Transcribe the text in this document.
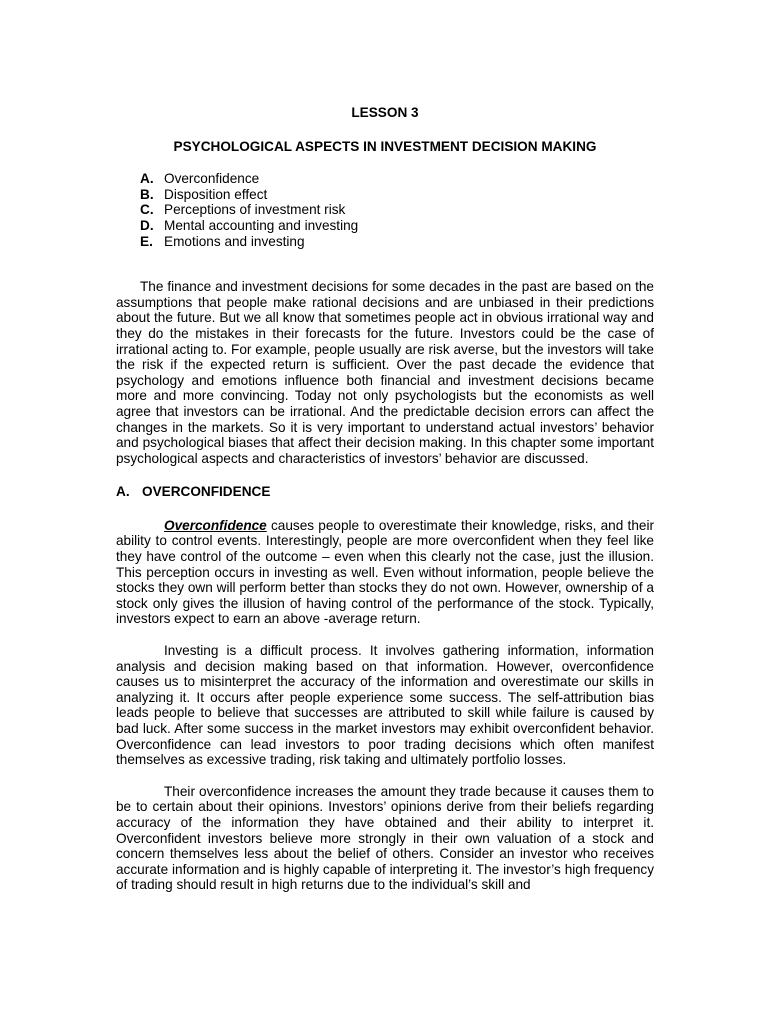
LESSON 3

PSYCHOLOGICAL ASPECTS IN INVESTMENT DECISION MAKING

A. Overconfidence
B. Disposition effect
C. Perceptions of investment risk
D. Mental accounting and investing
E. Emotions and investing

The finance and investment decisions for some decades in the past are based on the assumptions that people make rational decisions and are unbiased in their predictions about the future. But we all know that sometimes people act in obvious irrational way and they do the mistakes in their forecasts for the future. Investors could be the case of irrational acting to. For example, people usually are risk averse, but the investors will take the risk if the expected return is sufficient. Over the past decade the evidence that psychology and emotions influence both financial and investment decisions became more and more convincing. Today not only psychologists but the economists as well agree that investors can be irrational. And the predictable decision errors can affect the changes in the markets. So it is very important to understand actual investors’ behavior and psychological biases that affect their decision making. In this chapter some important psychological aspects and characteristics of investors’ behavior are discussed.

A. OVERCONFIDENCE

Overconfidence causes people to overestimate their knowledge, risks, and their ability to control events. Interestingly, people are more overconfident when they feel like they have control of the outcome – even when this clearly not the case, just the illusion. This perception occurs in investing as well. Even without information, people believe the stocks they own will perform better than stocks they do not own. However, ownership of a stock only gives the illusion of having control of the performance of the stock. Typically, investors expect to earn an above -average return.

Investing is a difficult process. It involves gathering information, information analysis and decision making based on that information. However, overconfidence causes us to misinterpret the accuracy of the information and overestimate our skills in analyzing it. It occurs after people experience some success. The self-attribution bias leads people to believe that successes are attributed to skill while failure is caused by bad luck. After some success in the market investors may exhibit overconfident behavior. Overconfidence can lead investors to poor trading decisions which often manifest themselves as excessive trading, risk taking and ultimately portfolio losses.

Their overconfidence increases the amount they trade because it causes them to be to certain about their opinions. Investors’ opinions derive from their beliefs regarding accuracy of the information they have obtained and their ability to interpret it. Overconfident investors believe more strongly in their own valuation of a stock and concern themselves less about the belief of others. Consider an investor who receives accurate information and is highly capable of interpreting it. The investor’s high frequency of trading should result in high returns due to the individual’s skill and
